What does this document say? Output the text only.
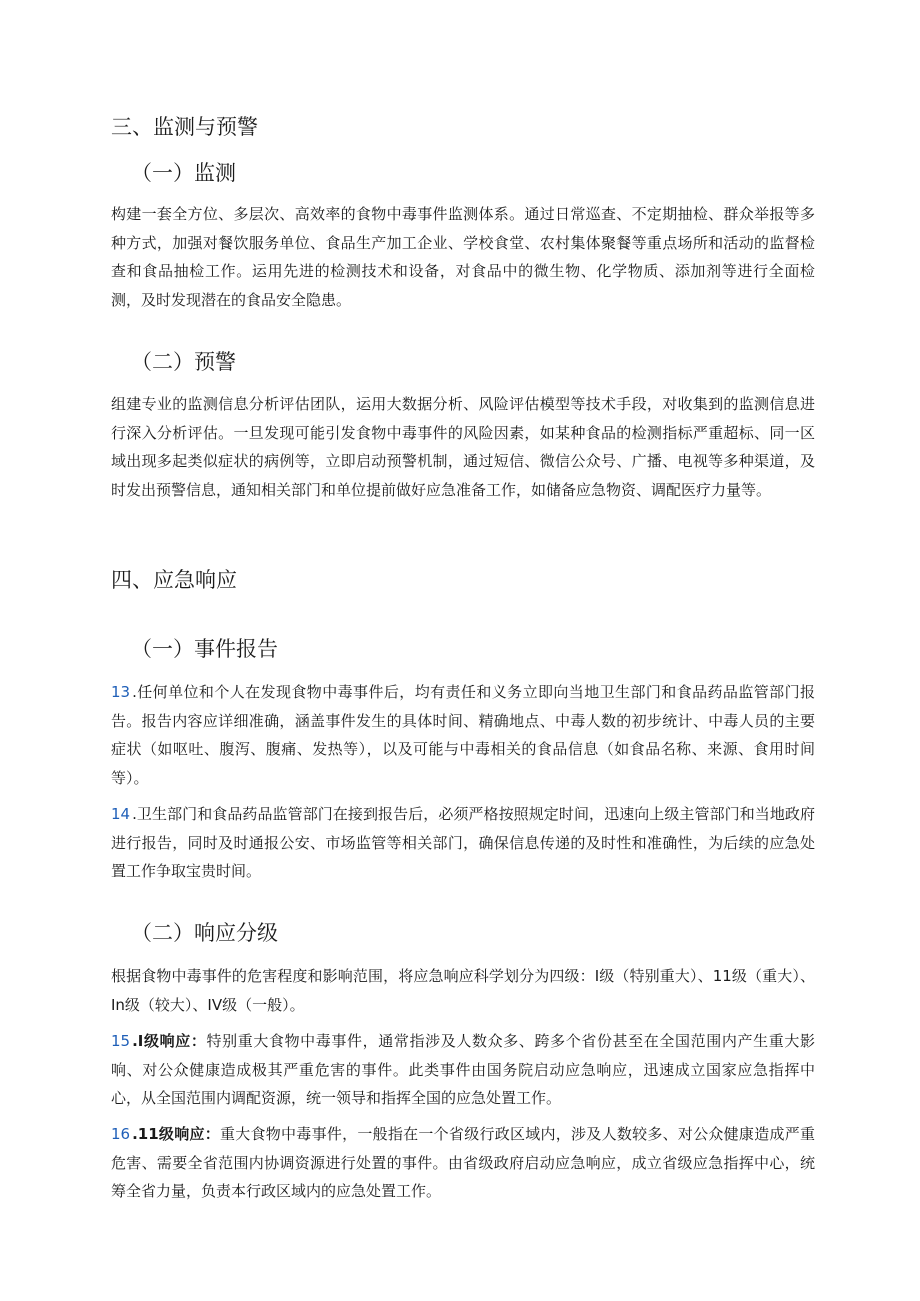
三、监测与预警
（一）监测
构建一套全方位、多层次、高效率的食物中毒事件监测体系。通过日常巡查、不定期抽检、群众举报等多种方式，加强对餐饮服务单位、食品生产加工企业、学校食堂、农村集体聚餐等重点场所和活动的监督检查和食品抽检工作。运用先进的检测技术和设备，对食品中的微生物、化学物质、添加剂等进行全面检测，及时发现潜在的食品安全隐患。
（二）预警
组建专业的监测信息分析评估团队，运用大数据分析、风险评估模型等技术手段，对收集到的监测信息进行深入分析评估。一旦发现可能引发食物中毒事件的风险因素，如某种食品的检测指标严重超标、同一区域出现多起类似症状的病例等，立即启动预警机制，通过短信、微信公众号、广播、电视等多种渠道，及时发出预警信息，通知相关部门和单位提前做好应急准备工作，如储备应急物资、调配医疗力量等。
四、应急响应
（一）事件报告
13 .任何单位和个人在发现食物中毒事件后，均有责任和义务立即向当地卫生部门和食品药品监管部门报告。报告内容应详细准确，涵盖事件发生的具体时间、精确地点、中毒人数的初步统计、中毒人员的主要症状（如呕吐、腹泻、腹痛、发热等），以及可能与中毒相关的食品信息（如食品名称、来源、食用时间等）。
14 .卫生部门和食品药品监管部门在接到报告后，必须严格按照规定时间，迅速向上级主管部门和当地政府进行报告，同时及时通报公安、市场监管等相关部门，确保信息传递的及时性和准确性，为后续的应急处置工作争取宝贵时间。
（二）响应分级
根据食物中毒事件的危害程度和影响范围，将应急响应科学划分为四级：I级（特别重大）、11级（重大）、In级（较大）、IV级（一般）。
15 .I级响应：特别重大食物中毒事件，通常指涉及人数众多、跨多个省份甚至在全国范围内产生重大影响、对公众健康造成极其严重危害的事件。此类事件由国务院启动应急响应，迅速成立国家应急指挥中心，从全国范围内调配资源，统一领导和指挥全国的应急处置工作。
16 .11级响应：重大食物中毒事件，一般指在一个省级行政区域内，涉及人数较多、对公众健康造成严重危害、需要全省范围内协调资源进行处置的事件。由省级政府启动应急响应，成立省级应急指挥中心，统筹全省力量，负责本行政区域内的应急处置工作。
